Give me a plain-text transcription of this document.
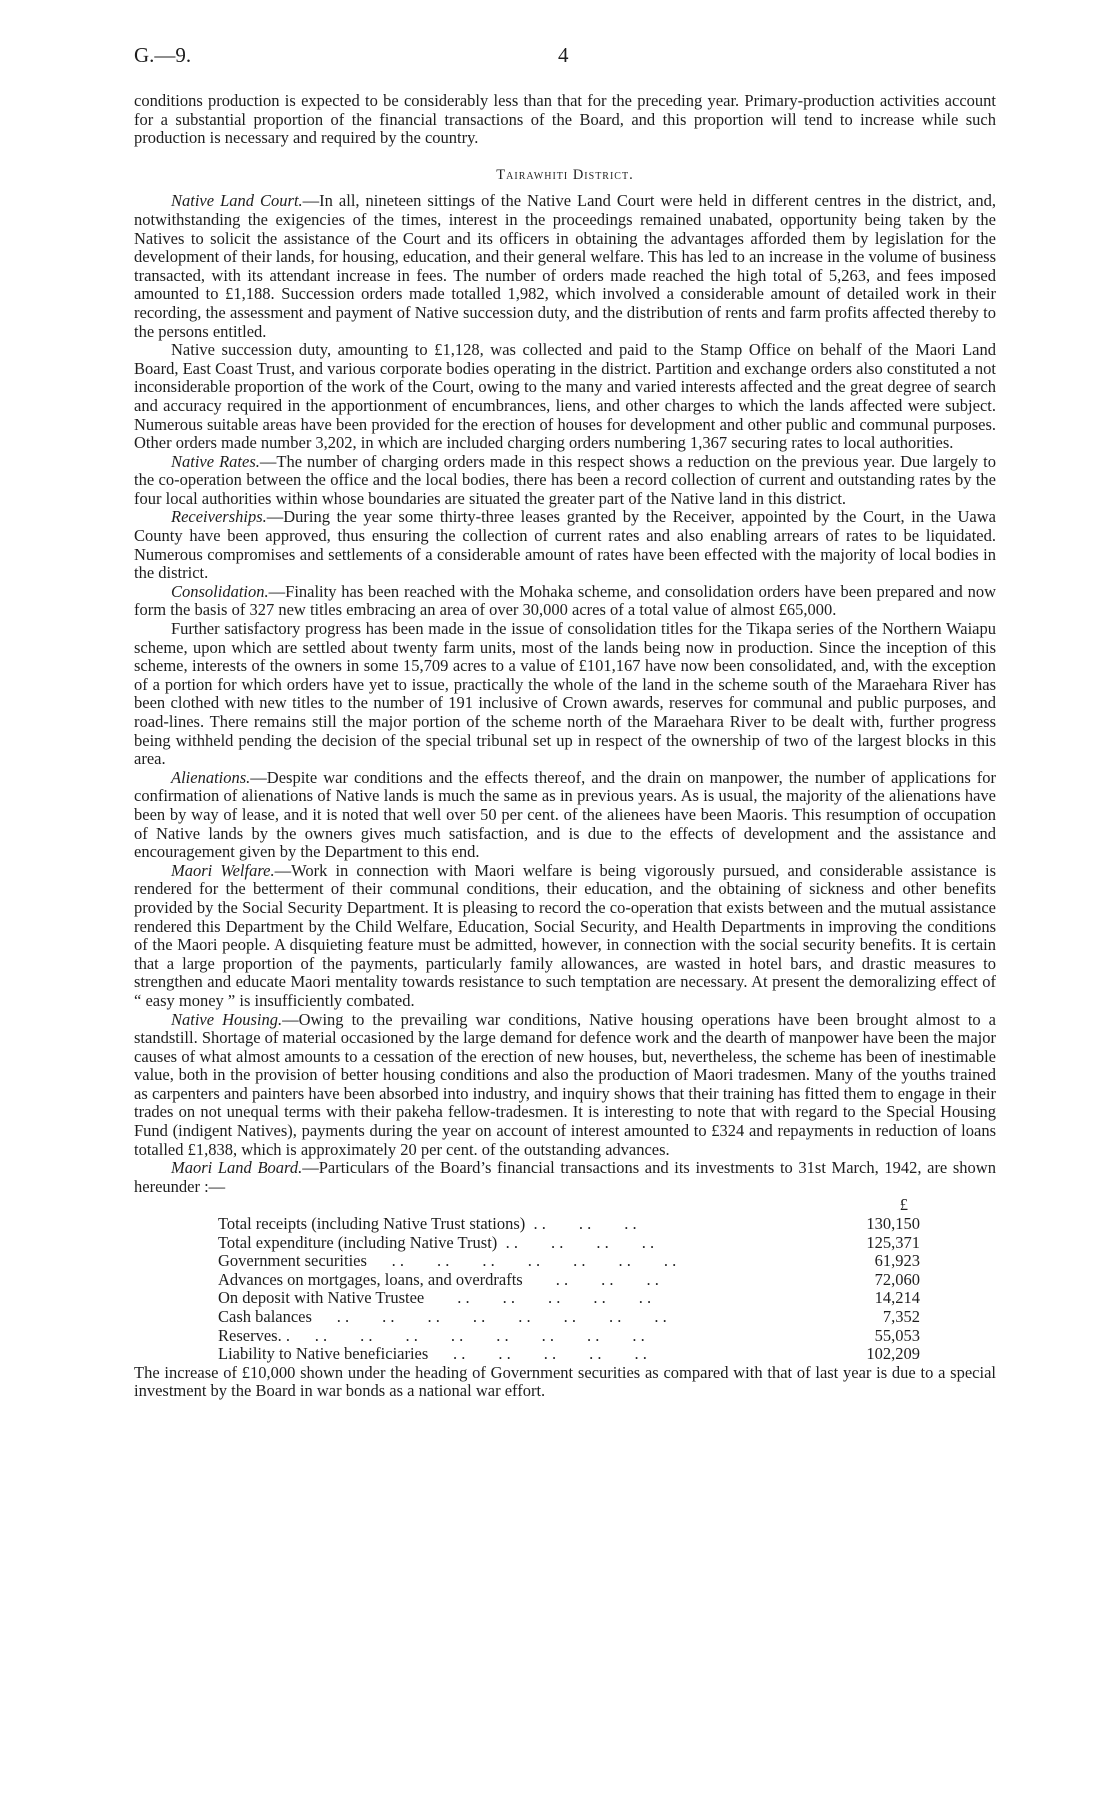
G.—9.	4

conditions production is expected to be considerably less than that for the preceding year. Primary-production activities account for a substantial proportion of the financial transactions of the Board, and this proportion will tend to increase while such production is necessary and required by the country.

Tairawhiti District.

Native Land Court.—In all, nineteen sittings of the Native Land Court were held in different centres in the district, and, notwithstanding the exigencies of the times, interest in the proceedings remained unabated, opportunity being taken by the Natives to solicit the assistance of the Court and its officers in obtaining the advantages afforded them by legislation for the development of their lands, for housing, education, and their general welfare. This has led to an increase in the volume of business transacted, with its attendant increase in fees. The number of orders made reached the high total of 5,263, and fees imposed amounted to £1,188. Succession orders made totalled 1,982, which involved a considerable amount of detailed work in their recording, the assessment and payment of Native succession duty, and the distribution of rents and farm profits affected thereby to the persons entitled.

Native succession duty, amounting to £1,128, was collected and paid to the Stamp Office on behalf of the Maori Land Board, East Coast Trust, and various corporate bodies operating in the district. Partition and exchange orders also constituted a not inconsiderable proportion of the work of the Court, owing to the many and varied interests affected and the great degree of search and accuracy required in the apportionment of encumbrances, liens, and other charges to which the lands affected were subject. Numerous suitable areas have been provided for the erection of houses for development and other public and communal purposes. Other orders made number 3,202, in which are included charging orders numbering 1,367 securing rates to local authorities.

Native Rates.—The number of charging orders made in this respect shows a reduction on the previous year. Due largely to the co-operation between the office and the local bodies, there has been a record collection of current and outstanding rates by the four local authorities within whose boundaries are situated the greater part of the Native land in this district.

Receiverships.—During the year some thirty-three leases granted by the Receiver, appointed by the Court, in the Uawa County have been approved, thus ensuring the collection of current rates and also enabling arrears of rates to be liquidated. Numerous compromises and settlements of a considerable amount of rates have been effected with the majority of local bodies in the district.

Consolidation.—Finality has been reached with the Mohaka scheme, and consolidation orders have been prepared and now form the basis of 327 new titles embracing an area of over 30,000 acres of a total value of almost £65,000.

Further satisfactory progress has been made in the issue of consolidation titles for the Tikapa series of the Northern Waiapu scheme, upon which are settled about twenty farm units, most of the lands being now in production. Since the inception of this scheme, interests of the owners in some 15,709 acres to a value of £101,167 have now been consolidated, and, with the exception of a portion for which orders have yet to issue, practically the whole of the land in the scheme south of the Maraehara River has been clothed with new titles to the number of 191 inclusive of Crown awards, reserves for communal and public purposes, and road-lines. There remains still the major portion of the scheme north of the Maraehara River to be dealt with, further progress being withheld pending the decision of the special tribunal set up in respect of the ownership of two of the largest blocks in this area.

Alienations.—Despite war conditions and the effects thereof, and the drain on manpower, the number of applications for confirmation of alienations of Native lands is much the same as in previous years. As is usual, the majority of the alienations have been by way of lease, and it is noted that well over 50 per cent. of the alienees have been Maoris. This resumption of occupation of Native lands by the owners gives much satisfaction, and is due to the effects of development and the assistance and encouragement given by the Department to this end.

Maori Welfare.—Work in connection with Maori welfare is being vigorously pursued, and considerable assistance is rendered for the betterment of their communal conditions, their education, and the obtaining of sickness and other benefits provided by the Social Security Department. It is pleasing to record the co-operation that exists between and the mutual assistance rendered this Department by the Child Welfare, Education, Social Security, and Health Departments in improving the conditions of the Maori people. A disquieting feature must be admitted, however, in connection with the social security benefits. It is certain that a large proportion of the payments, particularly family allowances, are wasted in hotel bars, and drastic measures to strengthen and educate Maori mentality towards resistance to such temptation are necessary. At present the demoralizing effect of “ easy money ” is insufficiently combated.

Native Housing.—Owing to the prevailing war conditions, Native housing operations have been brought almost to a standstill. Shortage of material occasioned by the large demand for defence work and the dearth of manpower have been the major causes of what almost amounts to a cessation of the erection of new houses, but, nevertheless, the scheme has been of inestimable value, both in the provision of better housing conditions and also the production of Maori tradesmen. Many of the youths trained as carpenters and painters have been absorbed into industry, and inquiry shows that their training has fitted them to engage in their trades on not unequal terms with their pakeha fellow-tradesmen. It is interesting to note that with regard to the Special Housing Fund (indigent Natives), payments during the year on account of interest amounted to £324 and repayments in reduction of loans totalled £1,838, which is approximately 20 per cent. of the outstanding advances.

Maori Land Board.—Particulars of the Board’s financial transactions and its investments to 31st March, 1942, are shown hereunder :—

£
Total receipts (including Native Trust stations)  . .        . .        . .	130,150
Total expenditure (including Native Trust)  . .        . .        . .        . .	125,371
Government securities      . .        . .        . .        . .        . .        . .        . .	61,923
Advances on mortgages, loans, and overdrafts        . .        . .        . .	72,060
On deposit with Native Trustee        . .        . .        . .        . .        . .	14,214
Cash balances      . .        . .        . .        . .        . .        . .        . .        . .	7,352
Reserves. .      . .        . .        . .        . .        . .        . .        . .        . .	55,053
Liability to Native beneficiaries      . .        . .        . .        . .        . .	102,209

The increase of £10,000 shown under the heading of Government securities as compared with that of last year is due to a special investment by the Board in war bonds as a national war effort.
